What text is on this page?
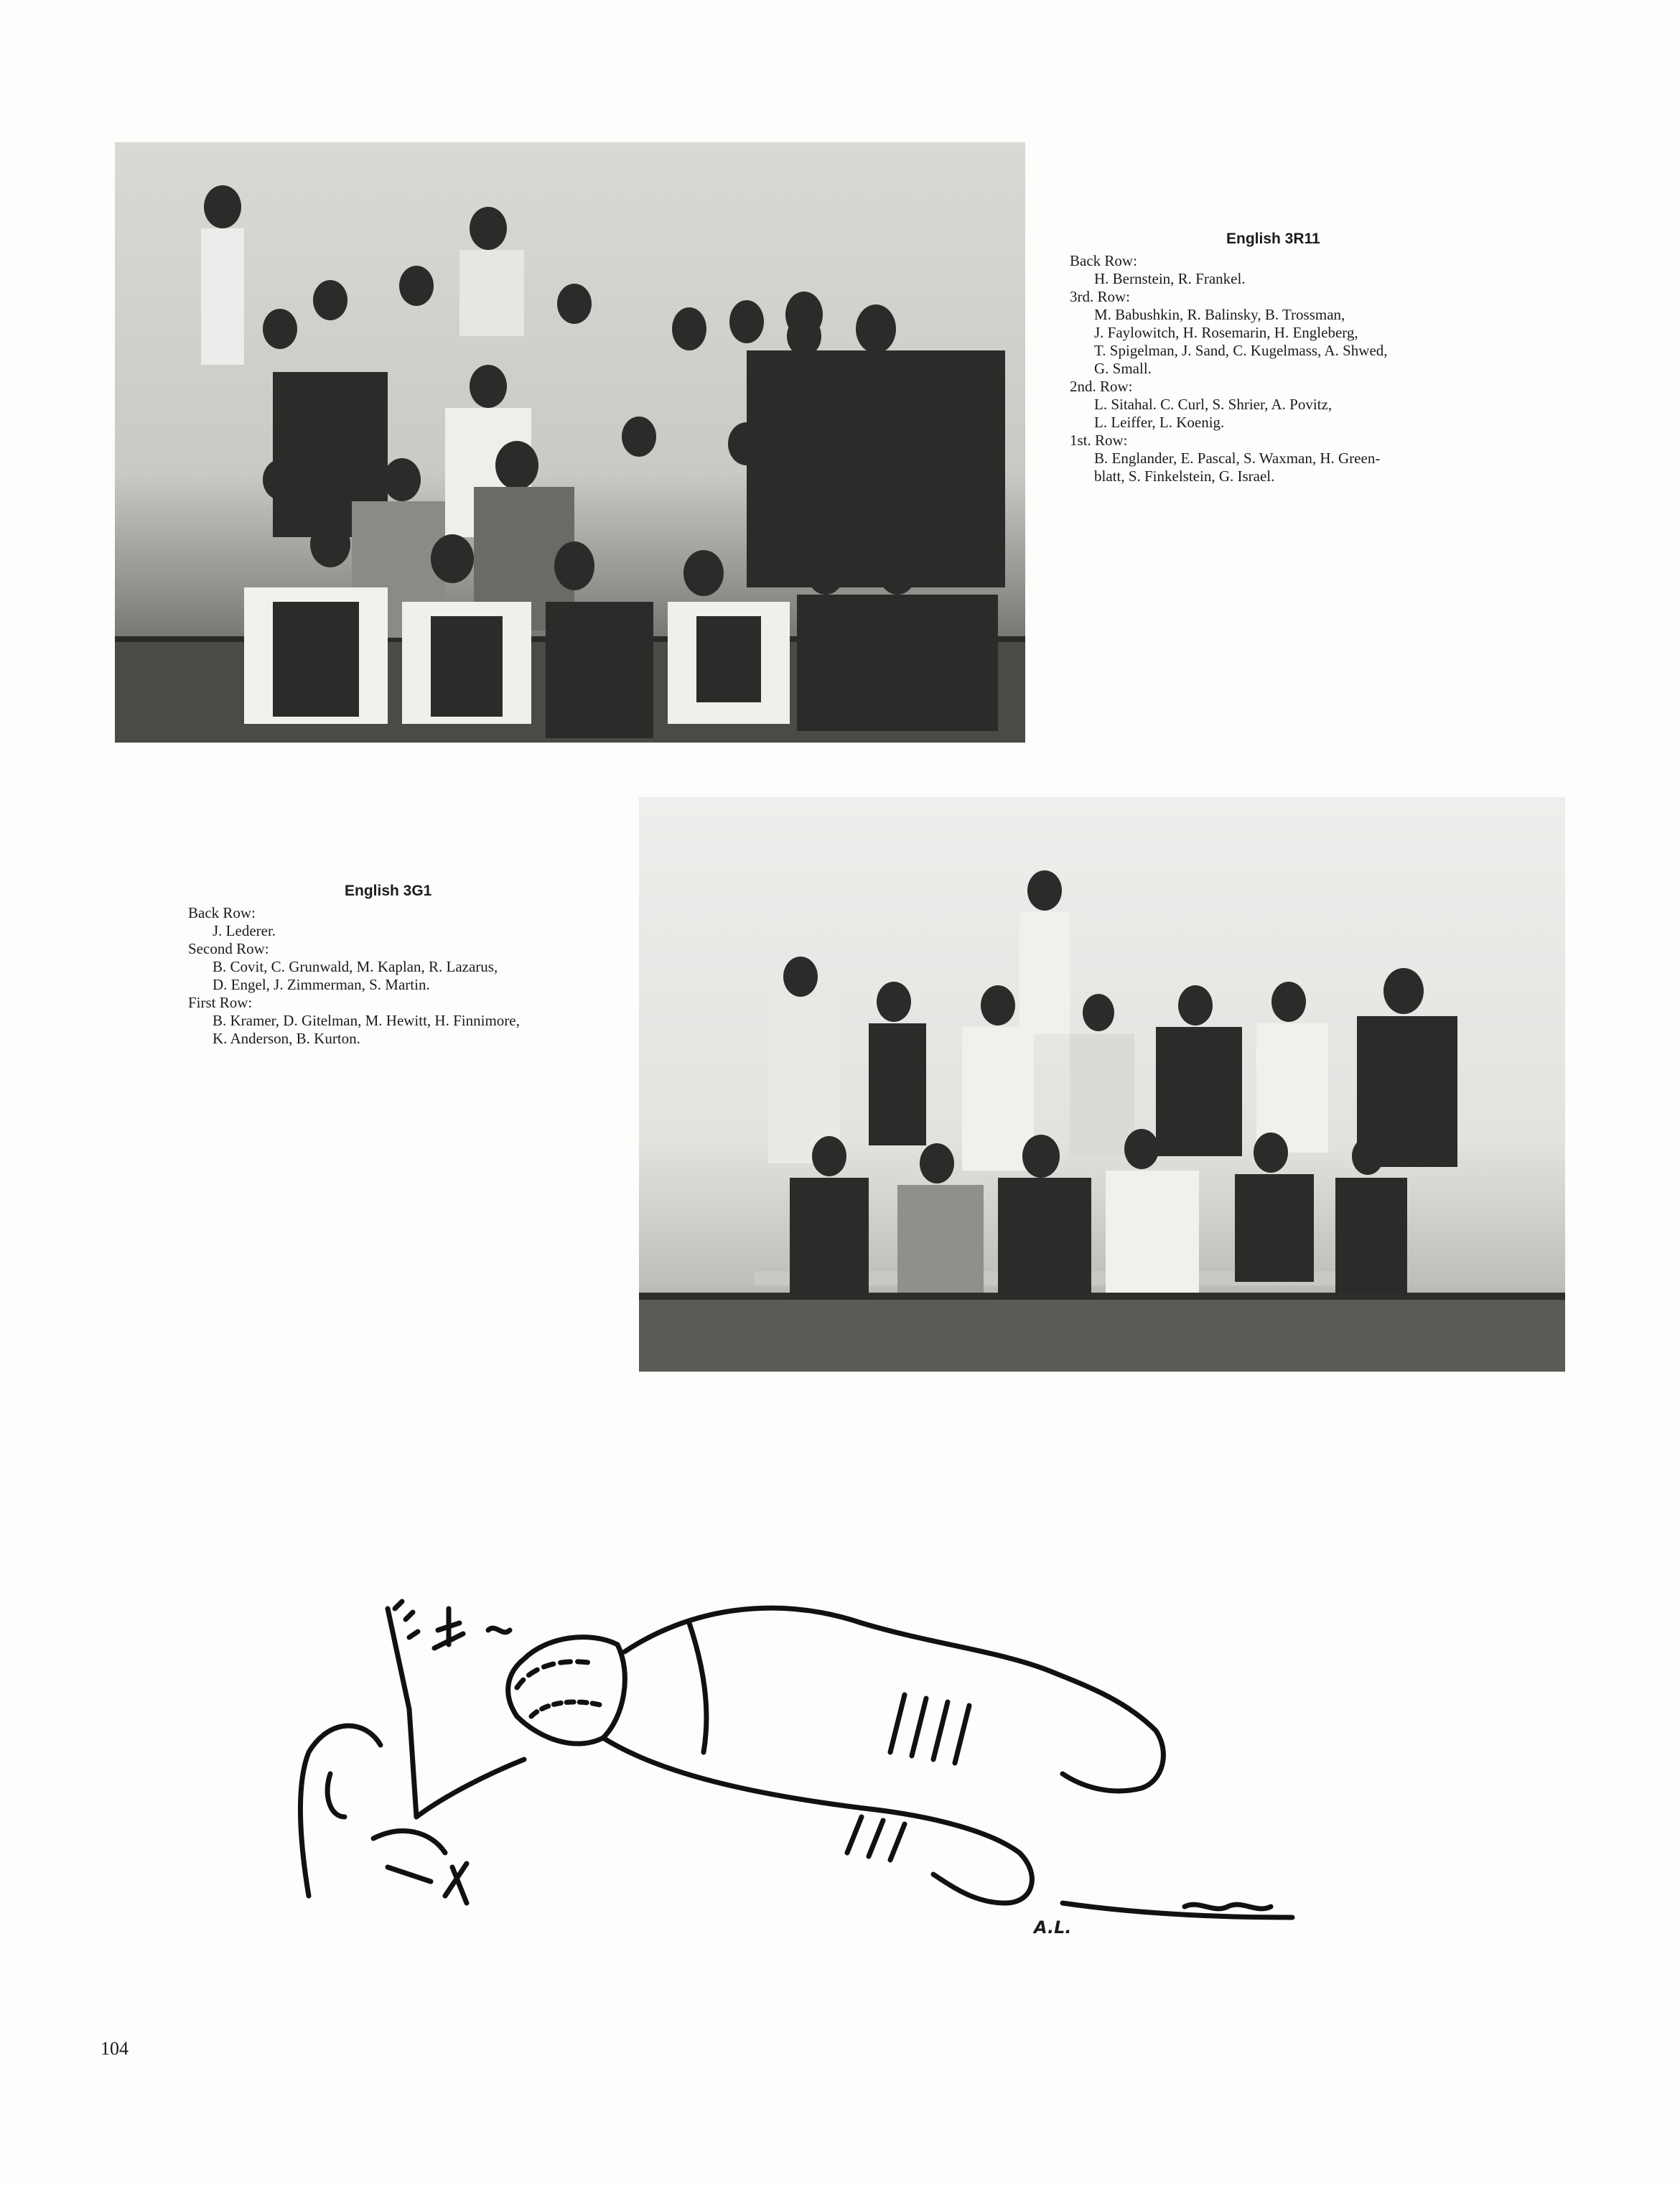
English 3R11
Back Row:
H. Bernstein, R. Frankel.
3rd. Row:
M. Babushkin, R. Balinsky, B. Trossman,
J. Faylowitch, H. Rosemarin, H. Engleberg,
T. Spigelman, J. Sand, C. Kugelmass, A. Shwed,
G. Small.
2nd. Row:
L. Sitahal. C. Curl, S. Shrier, A. Povitz,
L. Leiffer, L. Koenig.
1st. Row:
B. Englander, E. Pascal, S. Waxman, H. Green-
blatt, S. Finkelstein, G. Israel.
English 3G1
Back Row:
J. Lederer.
Second Row:
B. Covit, C. Grunwald, M. Kaplan, R. Lazarus,
D. Engel, J. Zimmerman, S. Martin.
First Row:
B. Kramer, D. Gitelman, M. Hewitt, H. Finnimore,
K. Anderson, B. Kurton.
A.L.
104
